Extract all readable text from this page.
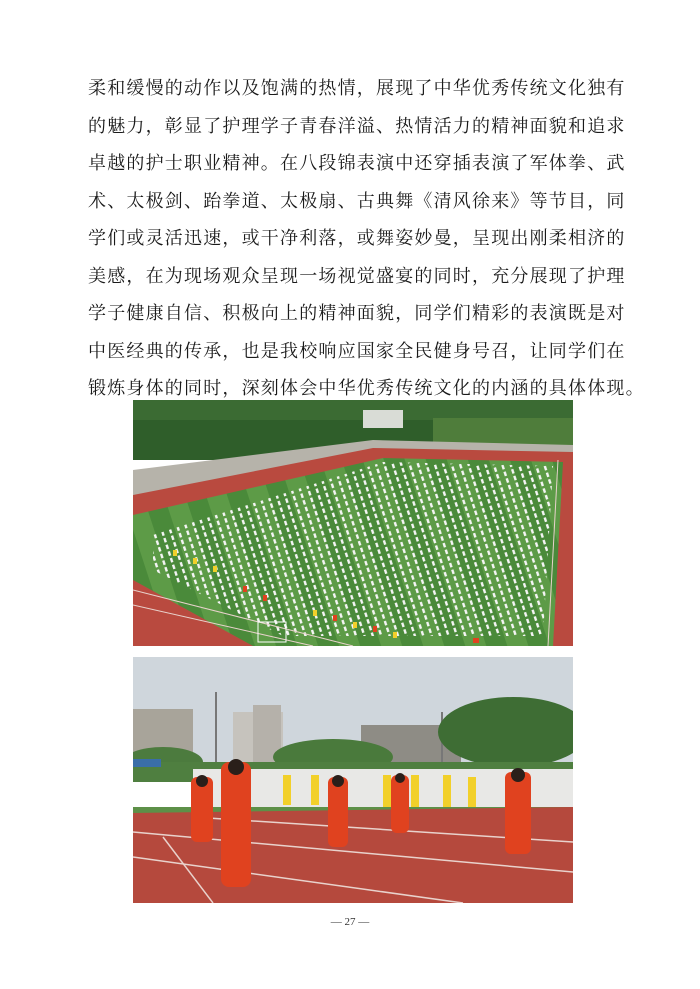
柔和缓慢的动作以及饱满的热情，展现了中华优秀传统文化独有
的魅力，彰显了护理学子青春洋溢、热情活力的精神面貌和追求
卓越的护士职业精神。在八段锦表演中还穿插表演了军体拳、武
术、太极剑、跆拳道、太极扇、古典舞《清风徐来》等节目，同
学们或灵活迅速，或干净利落，或舞姿妙曼，呈现出刚柔相济的
美感，在为现场观众呈现一场视觉盛宴的同时，充分展现了护理
学子健康自信、积极向上的精神面貌，同学们精彩的表演既是对
中医经典的传承，也是我校响应国家全民健身号召，让同学们在
锻炼身体的同时，深刻体会中华优秀传统文化的内涵的具体体现。
— 27 —
